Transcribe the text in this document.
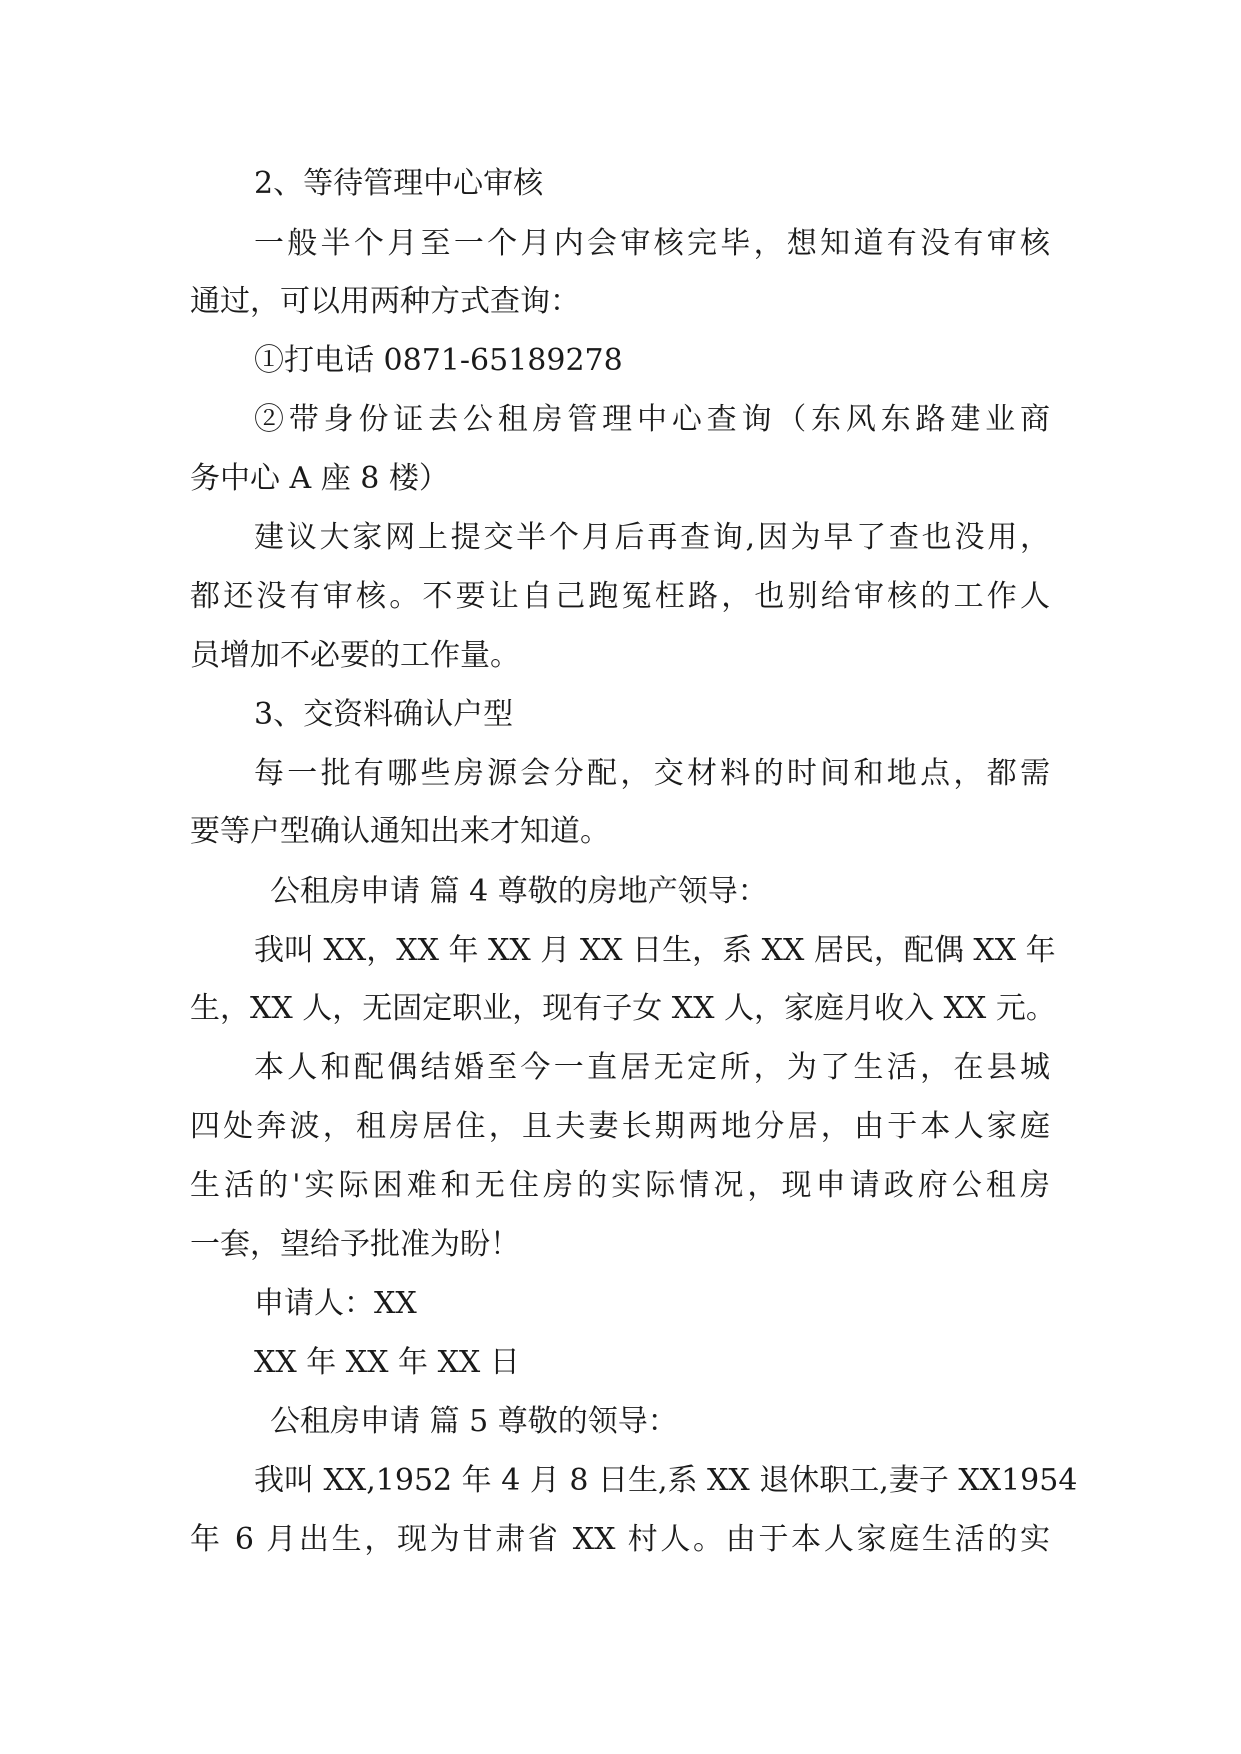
2、等待管理中心审核
一般半个月至一个月内会审核完毕，想知道有没有审核
通过，可以用两种方式查询：
①打电话 0871-65189278
②带身份证去公租房管理中心查询（东风东路建业商
务中心 A 座 8 楼）
建议大家网上提交半个月后再查询,因为早了查也没用，
都还没有审核。不要让自己跑冤枉路，也别给审核的工作人
员增加不必要的工作量。
3、交资料确认户型
每一批有哪些房源会分配，交材料的时间和地点，都需
要等户型确认通知出来才知道。
公租房申请 篇 4 尊敬的房地产领导：
我叫 XX，XX 年 XX 月 XX 日生，系 XX 居民，配偶 XX 年
生，XX 人，无固定职业，现有子女 XX 人，家庭月收入 XX 元。
本人和配偶结婚至今一直居无定所，为了生活，在县城
四处奔波，租房居住，且夫妻长期两地分居，由于本人家庭
生活的'实际困难和无住房的实际情况，现申请政府公租房
一套，望给予批准为盼！
申请人：XX
XX 年 XX 年 XX 日
公租房申请 篇 5 尊敬的领导：
我叫 XX,1952 年 4 月 8 日生,系 XX 退休职工,妻子 XX1954
年 6 月出生，现为甘肃省 XX 村人。由于本人家庭生活的实
